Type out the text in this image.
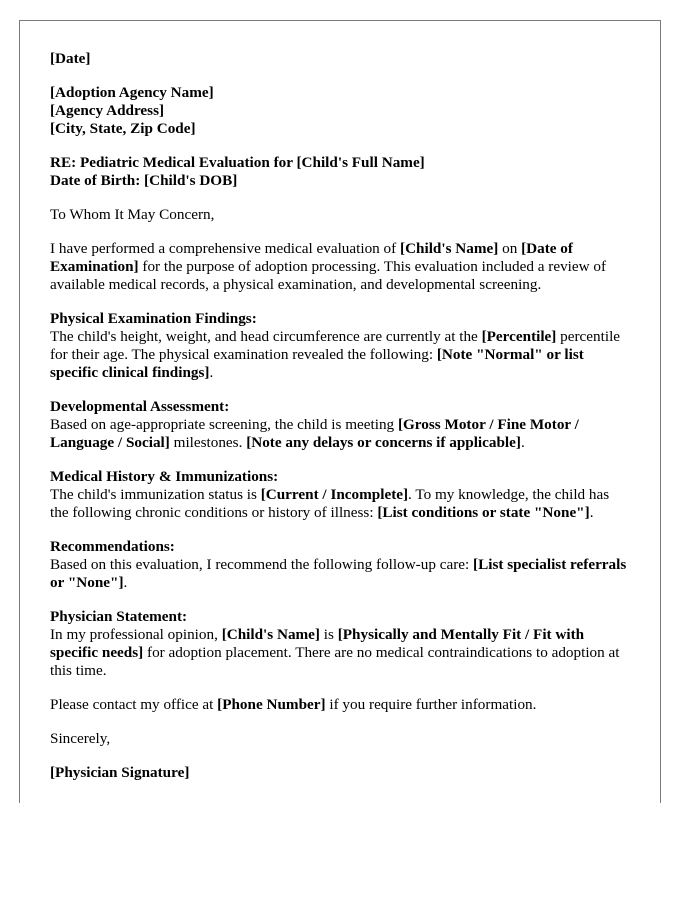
[Date]
[Adoption Agency Name]
[Agency Address]
[City, State, Zip Code]
RE: Pediatric Medical Evaluation for [Child's Full Name]
Date of Birth: [Child's DOB]
To Whom It May Concern,
I have performed a comprehensive medical evaluation of [Child's Name] on [Date of Examination] for the purpose of adoption processing. This evaluation included a review of available medical records, a physical examination, and developmental screening.
Physical Examination Findings:
The child's height, weight, and head circumference are currently at the [Percentile] percentile for their age. The physical examination revealed the following: [Note "Normal" or list specific clinical findings].
Developmental Assessment:
Based on age-appropriate screening, the child is meeting [Gross Motor / Fine Motor / Language / Social] milestones. [Note any delays or concerns if applicable].
Medical History & Immunizations:
The child's immunization status is [Current / Incomplete]. To my knowledge, the child has the following chronic conditions or history of illness: [List conditions or state "None"].
Recommendations:
Based on this evaluation, I recommend the following follow-up care: [List specialist referrals or "None"].
Physician Statement:
In my professional opinion, [Child's Name] is [Physically and Mentally Fit / Fit with specific needs] for adoption placement. There are no medical contraindications to adoption at this time.
Please contact my office at [Phone Number] if you require further information.
Sincerely,
[Physician Signature]
